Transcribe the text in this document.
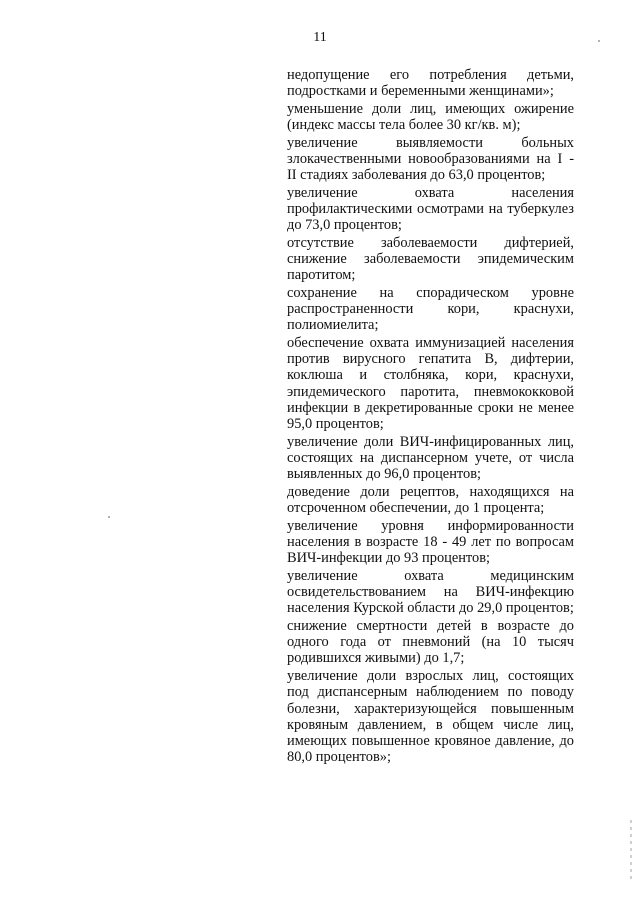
11

недопущение его потребления детьми, подростками и беременными женщинами»;

уменьшение доли лиц, имеющих ожирение (индекс массы тела более 30 кг/кв. м);

увеличение выявляемости больных злокачественными новообразованиями на I - II стадиях заболевания до 63,0 процентов;

увеличение охвата населения профилактическими осмотрами на туберкулез до 73,0 процентов;

отсутствие заболеваемости дифтерией, снижение заболеваемости эпидемическим паротитом;

сохранение на спорадическом уровне распространенности кори, краснухи, полиомиелита;

обеспечение охвата иммунизацией населения против вирусного гепатита В, дифтерии, коклюша и столбняка, кори, краснухи, эпидемического паротита, пневмококковой инфекции в декретированные сроки не менее 95,0 процентов;

увеличение доли ВИЧ-инфицированных лиц, состоящих на диспансерном учете, от числа выявленных до 96,0 процентов;

доведение доли рецептов, находящихся на отсроченном обеспечении, до 1 процента;

увеличение уровня информированности населения в возрасте 18 - 49 лет по вопросам ВИЧ-инфекции до 93 процентов;

увеличение охвата медицинским освидетельствованием на ВИЧ-инфекцию населения Курской области до 29,0 процентов;

снижение смертности детей в возрасте до одного года от пневмоний (на 10 тысяч родившихся живыми) до 1,7;

увеличение доли взрослых лиц, состоящих под диспансерным наблюдением по поводу болезни, характеризующейся повышенным кровяным давлением, в общем числе лиц, имеющих повышенное кровяное давление, до 80,0 процентов»;
